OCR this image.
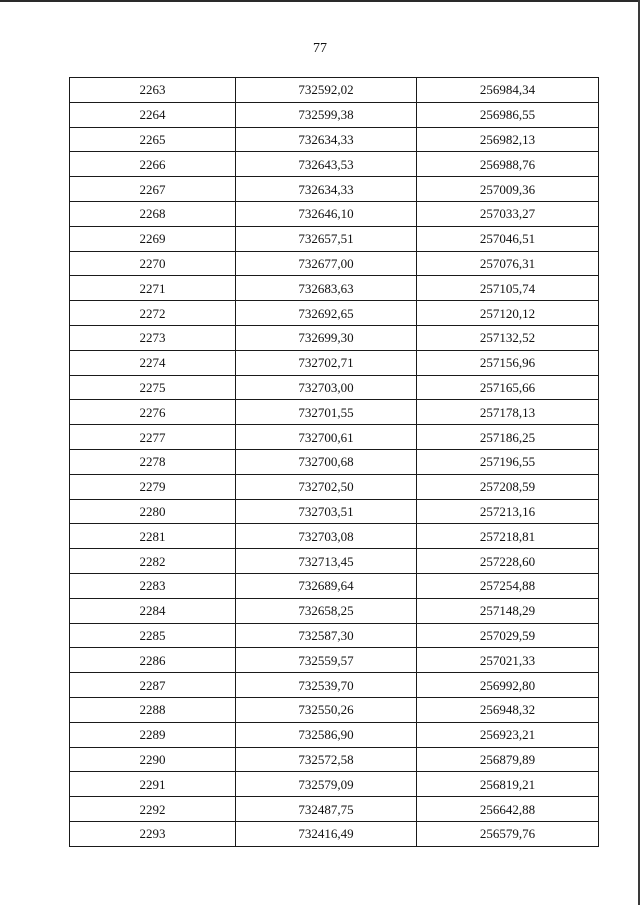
77
2263	732592,02	256984,34
2264	732599,38	256986,55
2265	732634,33	256982,13
2266	732643,53	256988,76
2267	732634,33	257009,36
2268	732646,10	257033,27
2269	732657,51	257046,51
2270	732677,00	257076,31
2271	732683,63	257105,74
2272	732692,65	257120,12
2273	732699,30	257132,52
2274	732702,71	257156,96
2275	732703,00	257165,66
2276	732701,55	257178,13
2277	732700,61	257186,25
2278	732700,68	257196,55
2279	732702,50	257208,59
2280	732703,51	257213,16
2281	732703,08	257218,81
2282	732713,45	257228,60
2283	732689,64	257254,88
2284	732658,25	257148,29
2285	732587,30	257029,59
2286	732559,57	257021,33
2287	732539,70	256992,80
2288	732550,26	256948,32
2289	732586,90	256923,21
2290	732572,58	256879,89
2291	732579,09	256819,21
2292	732487,75	256642,88
2293	732416,49	256579,76
